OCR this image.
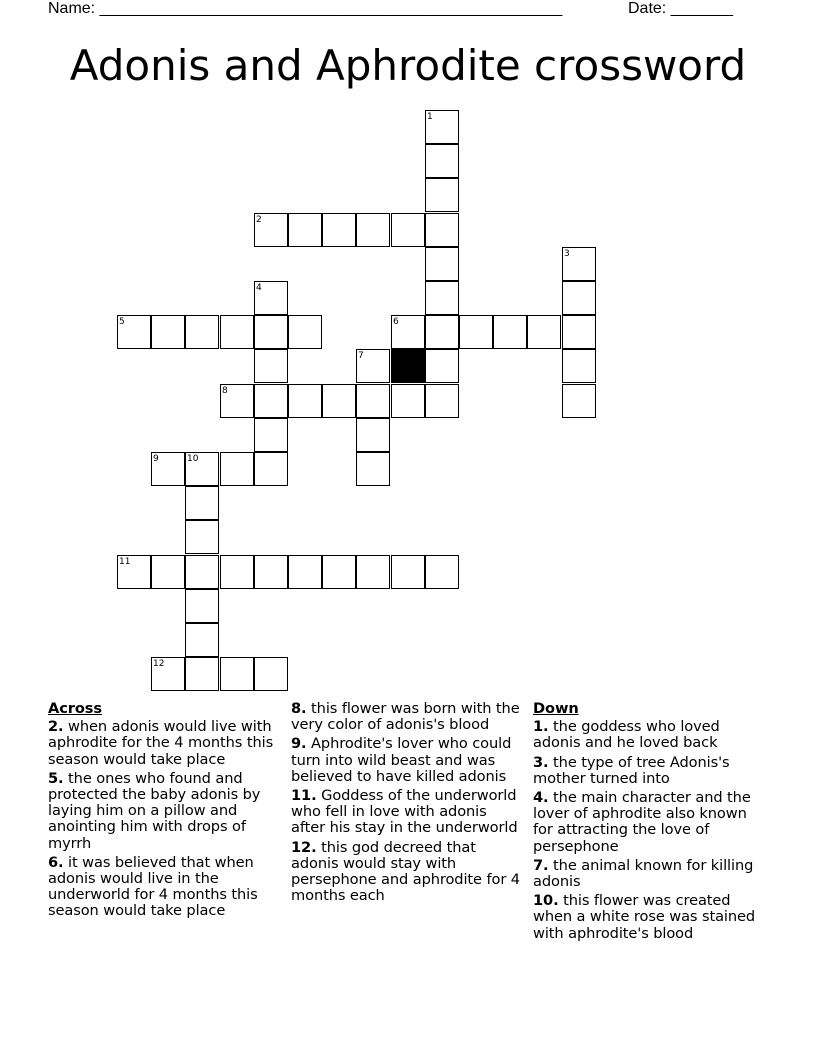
Name: ____________________________________________________	Date: _______
Adonis and Aphrodite crossword
1
2
3
4
5	6
7
8
9	10
11
12
Across
2. when adonis would live with aphrodite for the 4 months this season would take place
5. the ones who found and protected the baby adonis by laying him on a pillow and anointing him with drops of myrrh
6. it was believed that when adonis would live in the underworld for 4 months this season would take place
8. this flower was born with the very color of adonis's blood
9. Aphrodite's lover who could turn into wild beast and was believed to have killed adonis
11. Goddess of the underworld who fell in love with adonis after his stay in the underworld
12. this god decreed that adonis would stay with persephone and aphrodite for 4 months each
Down
1. the goddess who loved adonis and he loved back
3. the type of tree Adonis's mother turned into
4. the main character and the lover of aphrodite also known for attracting the love of persephone
7. the animal known for killing adonis
10. this flower was created when a white rose was stained with aphrodite's blood
